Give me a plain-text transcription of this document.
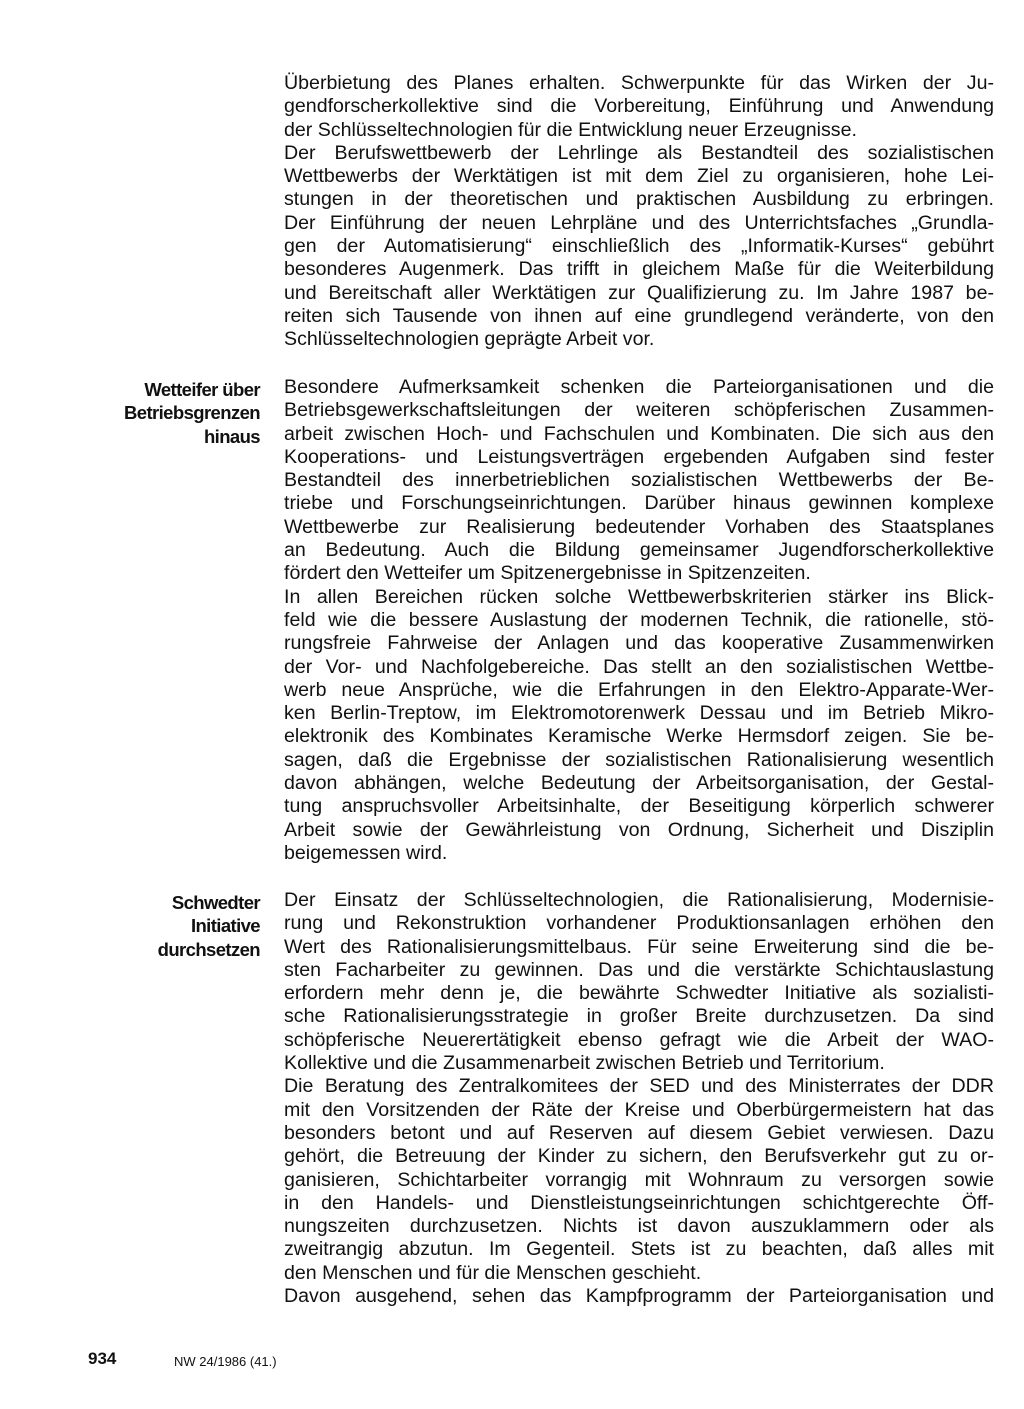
Überbietung des Planes erhalten. Schwerpunkte für das Wirken der Ju-
gendforscherkollektive sind die Vorbereitung, Einführung und Anwendung
der Schlüsseltechnologien für die Entwicklung neuer Erzeugnisse.
Der Berufswettbewerb der Lehrlinge als Bestandteil des sozialistischen
Wettbewerbs der Werktätigen ist mit dem Ziel zu organisieren, hohe Lei-
stungen in der theoretischen und praktischen Ausbildung zu erbringen.
Der Einführung der neuen Lehrpläne und des Unterrichtsfaches „Grundla-
gen der Automatisierung“ einschließlich des „Informatik-Kurses“ gebührt
besonderes Augenmerk. Das trifft in gleichem Maße für die Weiterbildung
und Bereitschaft aller Werktätigen zur Qualifizierung zu. Im Jahre 1987 be-
reiten sich Tausende von ihnen auf eine grundlegend veränderte, von den
Schlüsseltechnologien geprägte Arbeit vor.
Wetteifer über
Betriebsgrenzen
hinaus
Besondere Aufmerksamkeit schenken die Parteiorganisationen und die
Betriebsgewerkschaftsleitungen der weiteren schöpferischen Zusammen-
arbeit zwischen Hoch- und Fachschulen und Kombinaten. Die sich aus den
Kooperations- und Leistungsverträgen ergebenden Aufgaben sind fester
Bestandteil des innerbetrieblichen sozialistischen Wettbewerbs der Be-
triebe und Forschungseinrichtungen. Darüber hinaus gewinnen komplexe
Wettbewerbe zur Realisierung bedeutender Vorhaben des Staatsplanes
an Bedeutung. Auch die Bildung gemeinsamer Jugendforscherkollektive
fördert den Wetteifer um Spitzenergebnisse in Spitzenzeiten.
In allen Bereichen rücken solche Wettbewerbskriterien stärker ins Blick-
feld wie die bessere Auslastung der modernen Technik, die rationelle, stö-
rungsfreie Fahrweise der Anlagen und das kooperative Zusammenwirken
der Vor- und Nachfolgebereiche. Das stellt an den sozialistischen Wettbe-
werb neue Ansprüche, wie die Erfahrungen in den Elektro-Apparate-Wer-
ken Berlin-Treptow, im Elektromotorenwerk Dessau und im Betrieb Mikro-
elektronik des Kombinates Keramische Werke Hermsdorf zeigen. Sie be-
sagen, daß die Ergebnisse der sozialistischen Rationalisierung wesentlich
davon abhängen, welche Bedeutung der Arbeitsorganisation, der Gestal-
tung anspruchsvoller Arbeitsinhalte, der Beseitigung körperlich schwerer
Arbeit sowie der Gewährleistung von Ordnung, Sicherheit und Disziplin
beigemessen wird.
Schwedter
Initiative
durchsetzen
Der Einsatz der Schlüsseltechnologien, die Rationalisierung, Modernisie-
rung und Rekonstruktion vorhandener Produktionsanlagen erhöhen den
Wert des Rationalisierungsmittelbaus. Für seine Erweiterung sind die be-
sten Facharbeiter zu gewinnen. Das und die verstärkte Schichtauslastung
erfordern mehr denn je, die bewährte Schwedter Initiative als sozialisti-
sche Rationalisierungsstrategie in großer Breite durchzusetzen. Da sind
schöpferische Neuerertätigkeit ebenso gefragt wie die Arbeit der WAO-
Kollektive und die Zusammenarbeit zwischen Betrieb und Territorium.
Die Beratung des Zentralkomitees der SED und des Ministerrates der DDR
mit den Vorsitzenden der Räte der Kreise und Oberbürgermeistern hat das
besonders betont und auf Reserven auf diesem Gebiet verwiesen. Dazu
gehört, die Betreuung der Kinder zu sichern, den Berufsverkehr gut zu or-
ganisieren, Schichtarbeiter vorrangig mit Wohnraum zu versorgen sowie
in den Handels- und Dienstleistungseinrichtungen schichtgerechte Öff-
nungszeiten durchzusetzen. Nichts ist davon auszuklammern oder als
zweitrangig abzutun. Im Gegenteil. Stets ist zu beachten, daß alles mit
den Menschen und für die Menschen geschieht.
Davon ausgehend, sehen das Kampfprogramm der Parteiorganisation und
934	NW 24/1986 (41.)
